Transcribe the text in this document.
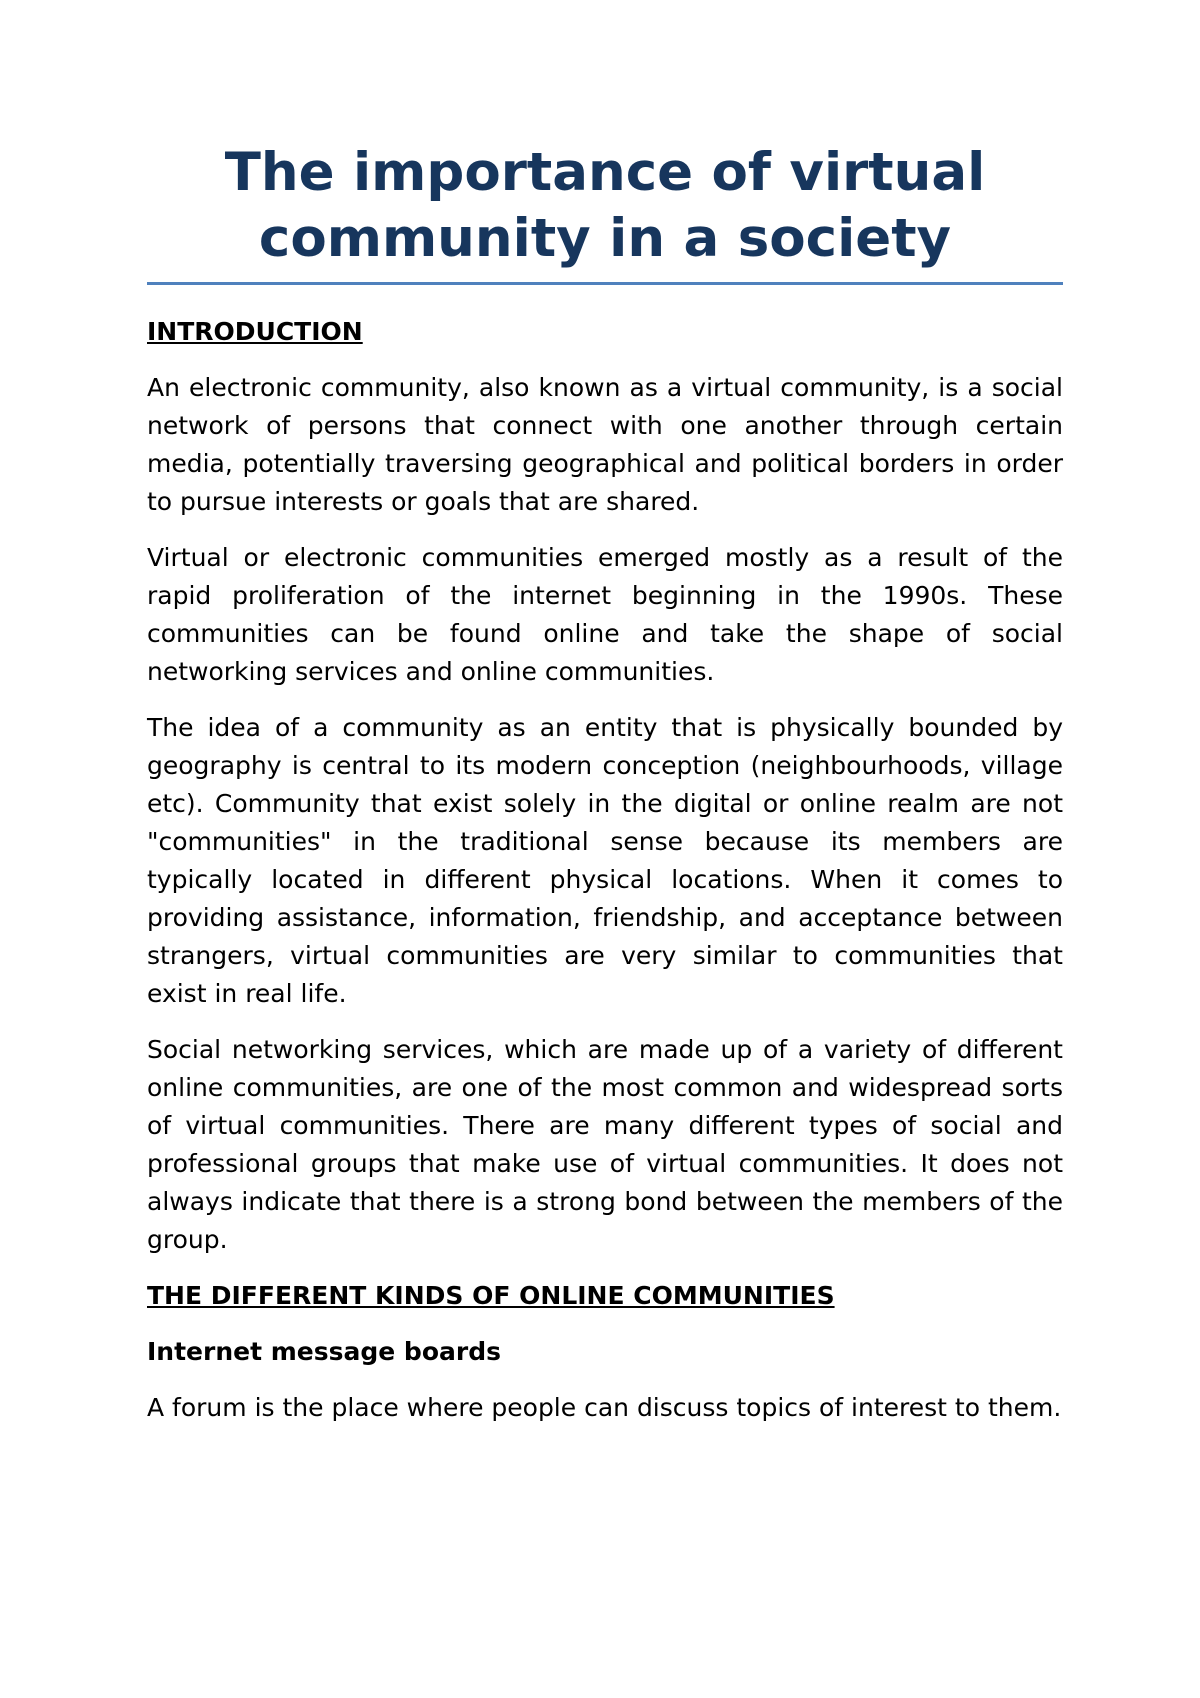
The importance of virtual community in a society

INTRODUCTION

An electronic community, also known as a virtual community, is a social network of persons that connect with one another through certain media, potentially traversing geographical and political borders in order to pursue interests or goals that are shared.

Virtual or electronic communities emerged mostly as a result of the rapid proliferation of the internet beginning in the 1990s. These communities can be found online and take the shape of social networking services and online communities.

The idea of a community as an entity that is physically bounded by geography is central to its modern conception (neighbourhoods, village etc). Community that exist solely in the digital or online realm are not "communities" in the traditional sense because its members are typically located in different physical locations. When it comes to providing assistance, information, friendship, and acceptance between strangers, virtual communities are very similar to communities that exist in real life.

Social networking services, which are made up of a variety of different online communities, are one of the most common and widespread sorts of virtual communities. There are many different types of social and professional groups that make use of virtual communities. It does not always indicate that there is a strong bond between the members of the group.

THE DIFFERENT KINDS OF ONLINE COMMUNITIES

Internet message boards

A forum is the place where people can discuss topics of interest to them.
